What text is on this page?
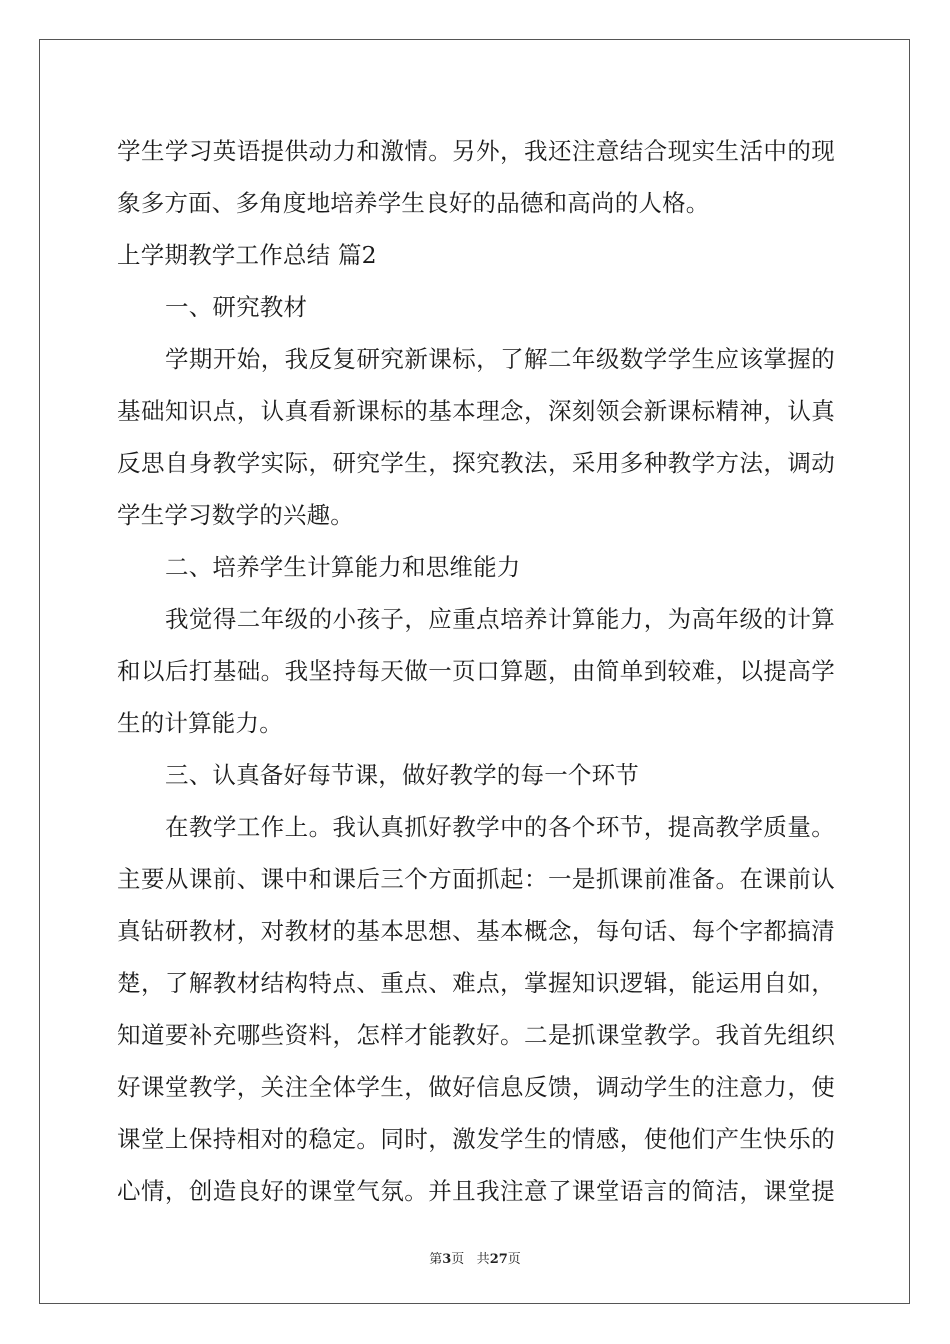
学生学习英语提供动力和激情。另外，我还注意结合现实生活中的现
象多方面、多角度地培养学生良好的品德和高尚的人格。
上学期教学工作总结 篇2
一、研究教材
学期开始，我反复研究新课标，了解二年级数学学生应该掌握的
基础知识点，认真看新课标的基本理念，深刻领会新课标精神，认真
反思自身教学实际，研究学生，探究教法，采用多种教学方法，调动
学生学习数学的兴趣。
二、培养学生计算能力和思维能力
我觉得二年级的小孩子，应重点培养计算能力，为高年级的计算
和以后打基础。我坚持每天做一页口算题，由简单到较难，以提高学
生的计算能力。
三、认真备好每节课，做好教学的每一个环节
在教学工作上。我认真抓好教学中的各个环节，提高教学质量。
主要从课前、课中和课后三个方面抓起：一是抓课前准备。在课前认
真钻研教材，对教材的基本思想、基本概念，每句话、每个字都搞清
楚，了解教材结构特点、重点、难点，掌握知识逻辑，能运用自如，
知道要补充哪些资料，怎样才能教好。二是抓课堂教学。我首先组织
好课堂教学，关注全体学生，做好信息反馈，调动学生的注意力，使
课堂上保持相对的稳定。同时，激发学生的情感，使他们产生快乐的
心情，创造良好的课堂气氛。并且我注意了课堂语言的简洁，课堂提
第3页 共27页
